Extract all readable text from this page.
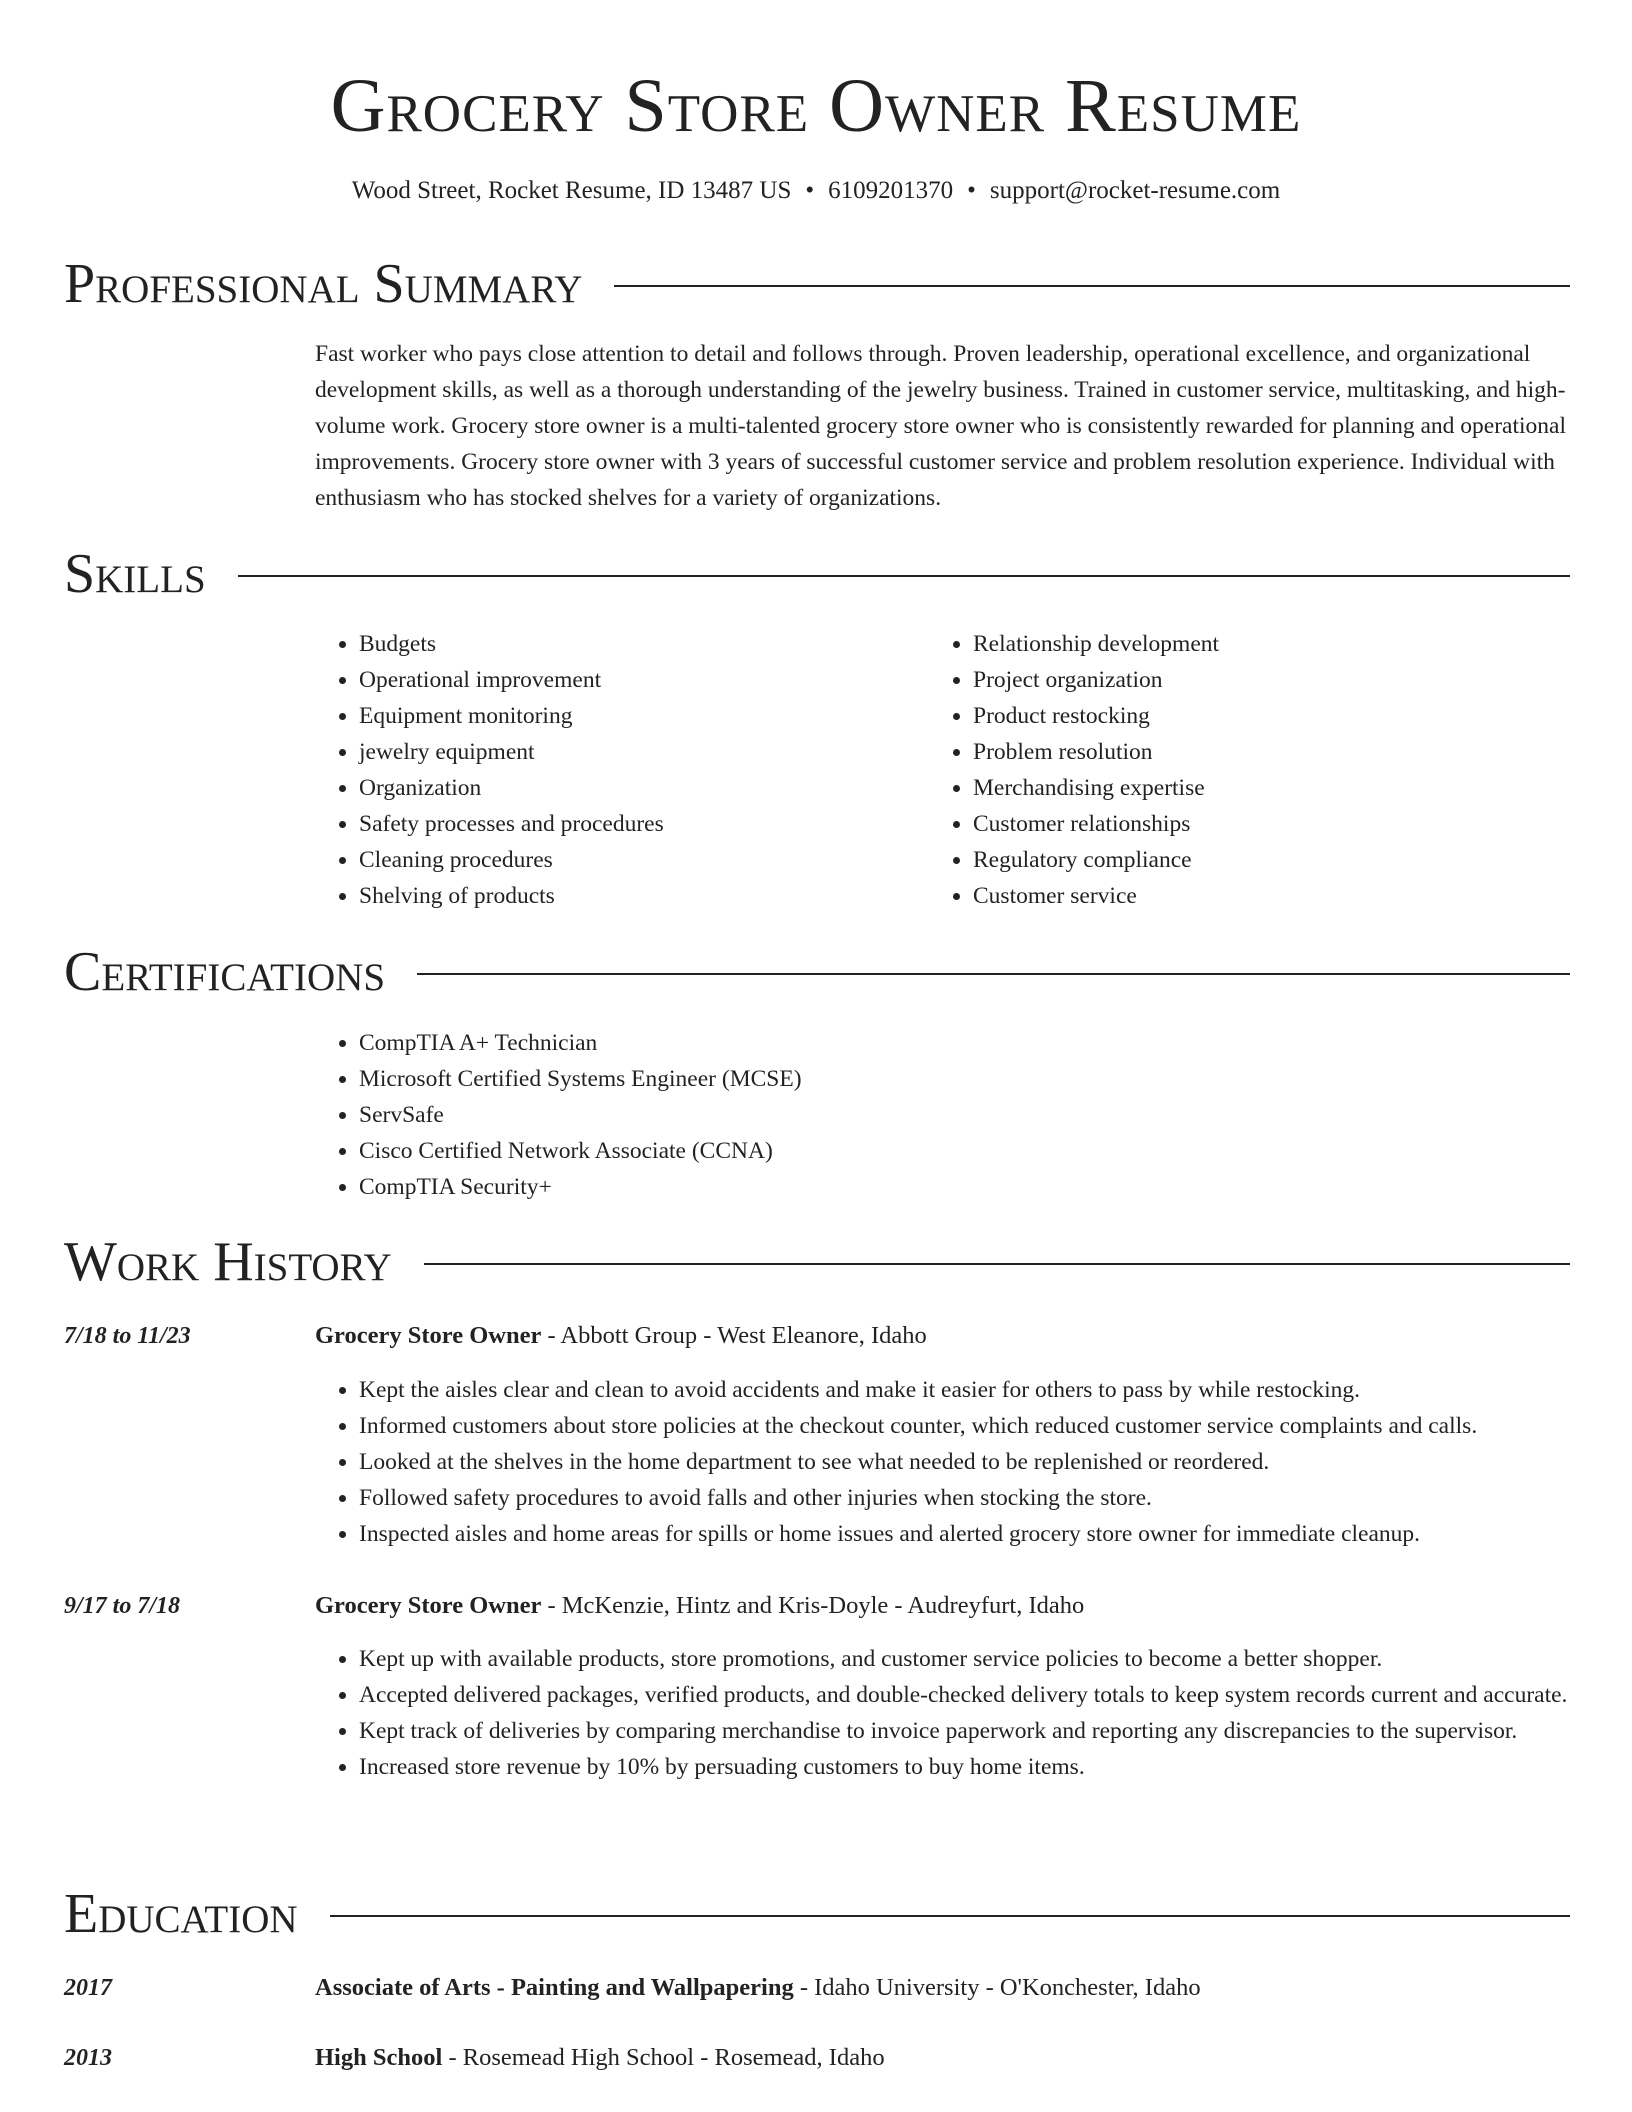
Grocery Store Owner Resume
Wood Street, Rocket Resume, ID 13487 US • 6109201370 • support@rocket-resume.com
Professional Summary
Fast worker who pays close attention to detail and follows through. Proven leadership, operational excellence, and organizational development skills, as well as a thorough understanding of the jewelry business. Trained in customer service, multitasking, and high-volume work. Grocery store owner is a multi-talented grocery store owner who is consistently rewarded for planning and operational improvements. Grocery store owner with 3 years of successful customer service and problem resolution experience. Individual with enthusiasm who has stocked shelves for a variety of organizations.
Skills
• Budgets
• Operational improvement
• Equipment monitoring
• jewelry equipment
• Organization
• Safety processes and procedures
• Cleaning procedures
• Shelving of products
• Relationship development
• Project organization
• Product restocking
• Problem resolution
• Merchandising expertise
• Customer relationships
• Regulatory compliance
• Customer service
Certifications
• CompTIA A+ Technician
• Microsoft Certified Systems Engineer (MCSE)
• ServSafe
• Cisco Certified Network Associate (CCNA)
• CompTIA Security+
Work History
7/18 to 11/23	Grocery Store Owner - Abbott Group - West Eleanore, Idaho
• Kept the aisles clear and clean to avoid accidents and make it easier for others to pass by while restocking.
• Informed customers about store policies at the checkout counter, which reduced customer service complaints and calls.
• Looked at the shelves in the home department to see what needed to be replenished or reordered.
• Followed safety procedures to avoid falls and other injuries when stocking the store.
• Inspected aisles and home areas for spills or home issues and alerted grocery store owner for immediate cleanup.
9/17 to 7/18	Grocery Store Owner - McKenzie, Hintz and Kris-Doyle - Audreyfurt, Idaho
• Kept up with available products, store promotions, and customer service policies to become a better shopper.
• Accepted delivered packages, verified products, and double-checked delivery totals to keep system records current and accurate.
• Kept track of deliveries by comparing merchandise to invoice paperwork and reporting any discrepancies to the supervisor.
• Increased store revenue by 10% by persuading customers to buy home items.
Education
2017	Associate of Arts - Painting and Wallpapering - Idaho University - O'Konchester, Idaho
2013	High School - Rosemead High School - Rosemead, Idaho
